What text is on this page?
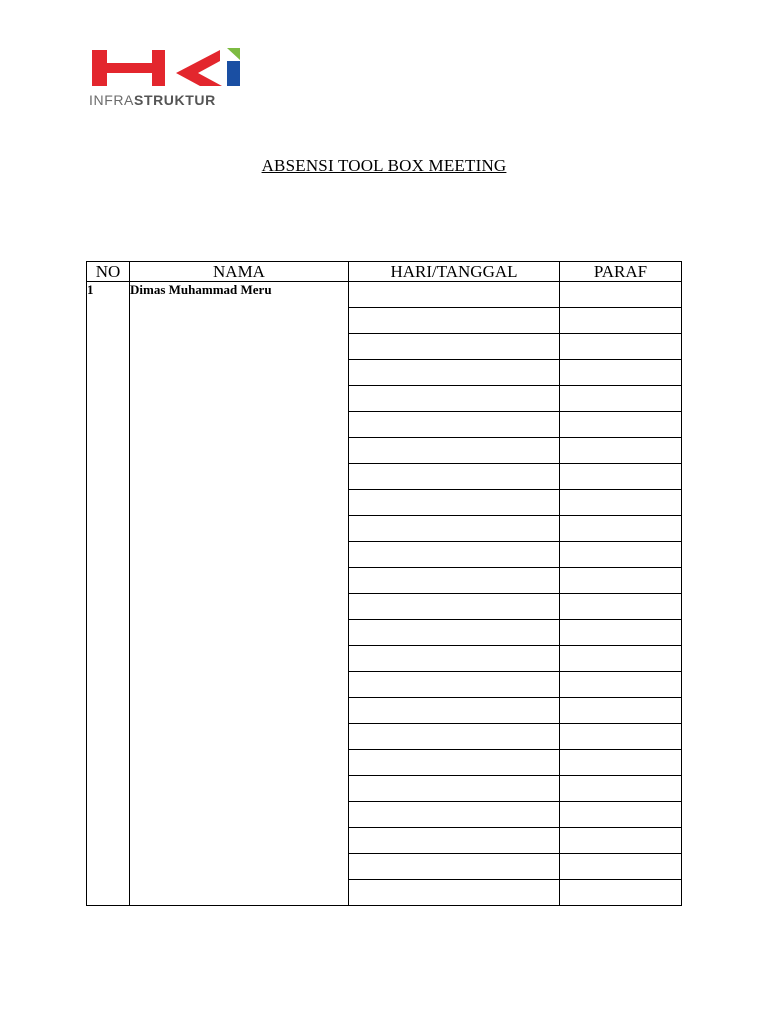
INFRASTRUKTUR
ABSENSI TOOL BOX MEETING
NO	NAMA	HARI/TANGGAL	PARAF
1	Dimas Muhammad Meru		
